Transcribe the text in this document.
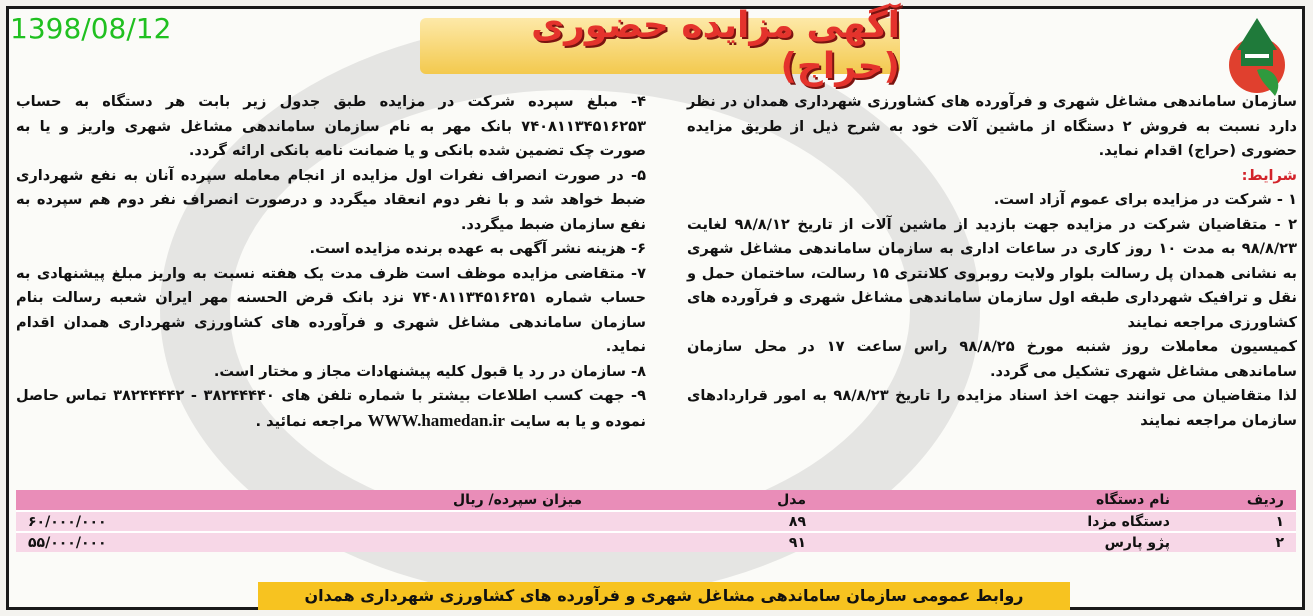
1398/08/12	آگهی مزایده حضوری (حراج)

سازمان ساماندهی مشاغل شهری و فرآورده های کشاورزی شهرداری همدان در نظر دارد نسبت به فروش ۲ دستگاه از ماشین آلات خود به شرح ذیل از طریق مزایده حضوری (حراج) اقدام نماید.

شرایط:

۱ - شرکت در مزایده برای عموم آزاد است.

۲ - متقاضیان شرکت در مزایده جهت بازدید از ماشین آلات از تاریخ ۹۸/۸/۱۲ لغایت ۹۸/۸/۲۳ به مدت ۱۰ روز کاری در ساعات اداری به سازمان ساماندهی مشاغل شهری به نشانی همدان پل رسالت بلوار ولایت روبروی کلانتری ۱۵ رسالت، ساختمان حمل و نقل و ترافیک شهرداری طبقه اول سازمان ساماندهی مشاغل شهری و فرآورده های کشاورزی مراجعه نمایند

کمیسیون معاملات روز شنبه مورخ ۹۸/۸/۲۵ راس ساعت ۱۷ در محل سازمان ساماندهی مشاغل شهری تشکیل می گردد.

لذا متقاضیان می توانند جهت اخذ اسناد مزایده را تاریخ ۹۸/۸/۲۳ به امور قراردادهای سازمان مراجعه نمایند

۴- مبلغ سپرده شرکت در مزایده طبق جدول زیر بابت هر دستگاه به حساب ۷۴۰۸۱۱۳۴۵۱۶۲۵۳ بانک مهر به نام سازمان ساماندهی مشاغل شهری واریز و یا به صورت چک تضمین شده بانکی و یا ضمانت نامه بانکی ارائه گردد.

۵- در صورت انصراف نفرات اول مزایده از انجام معامله سپرده آنان به نفع شهرداری ضبط خواهد شد و با نفر دوم انعقاد میگردد و درصورت انصراف نفر دوم هم سپرده به نفع سازمان ضبط میگردد.

۶- هزینه نشر آگهی به عهده برنده مزایده است.

۷- متقاضی مزایده موظف است ظرف مدت یک هفته نسبت به واریز مبلغ پیشنهادی به حساب شماره ۷۴۰۸۱۱۳۴۵۱۶۲۵۱ نزد بانک قرض الحسنه مهر ایران شعبه رسالت بنام سازمان ساماندهی مشاغل شهری و فرآورده های کشاورزی شهرداری همدان اقدام نماید.

۸- سازمان در رد یا قبول کلیه پیشنهادات مجاز و مختار است.

۹- جهت کسب اطلاعات بیشتر با شماره تلفن های ۳۸۲۴۴۴۴۰ - ۳۸۲۴۴۴۴۲ تماس حاصل نموده و یا به سایت WWW.hamedan.ir مراجعه نمائید .

ردیف	نام دستگاه	مدل	میزان سپرده/ ریال
۱	دستگاه مزدا	۸۹	۶۰/۰۰۰/۰۰۰
۲	پژو پارس	۹۱	۵۵/۰۰۰/۰۰۰
روابط عمومی سازمان ساماندهی مشاغل شهری و فرآورده های کشاورزی شهرداری همدان
